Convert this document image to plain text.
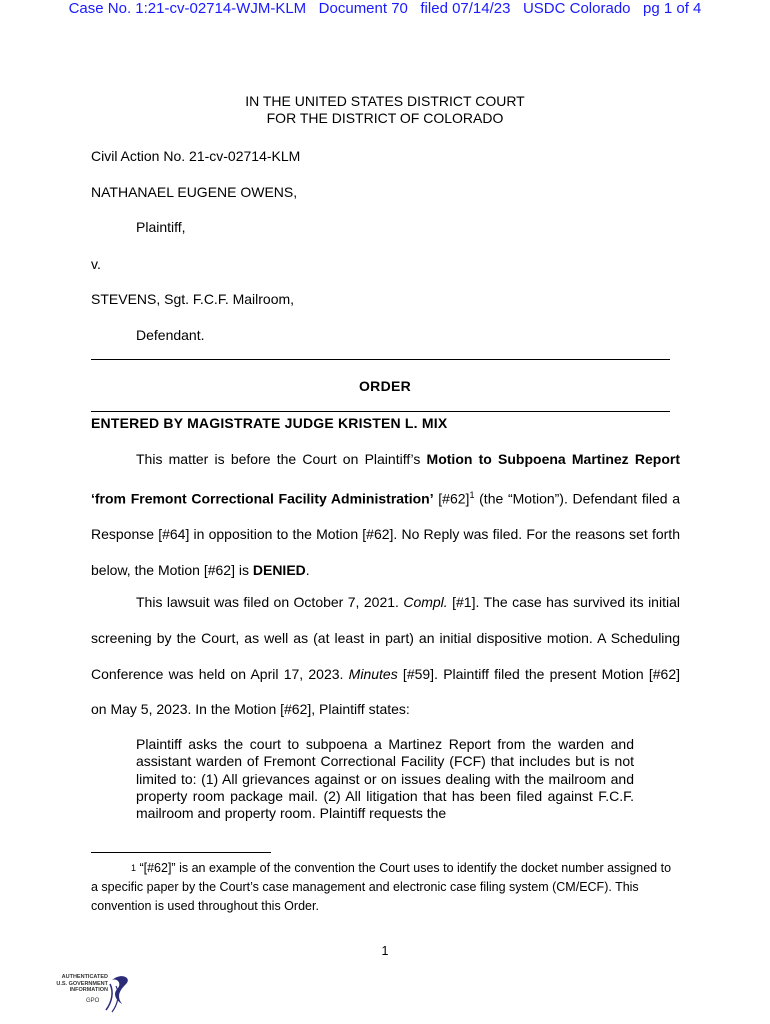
Case No. 1:21-cv-02714-WJM-KLM   Document 70   filed 07/14/23   USDC Colorado   pg 1 of 4
IN THE UNITED STATES DISTRICT COURT
FOR THE DISTRICT OF COLORADO
Civil Action No. 21-cv-02714-KLM
NATHANAEL EUGENE OWENS,
Plaintiff,
v.
STEVENS, Sgt. F.C.F. Mailroom,
Defendant.
ORDER
ENTERED BY MAGISTRATE JUDGE KRISTEN L. MIX
This matter is before the Court on Plaintiff’s Motion to Subpoena Martinez Report ‘from Fremont Correctional Facility Administration’ [#62]$^1$ (the “Motion”). Defendant filed a Response [#64] in opposition to the Motion [#62]. No Reply was filed. For the reasons set forth below, the Motion [#62] is DENIED.
This lawsuit was filed on October 7, 2021. Compl. [#1]. The case has survived its initial screening by the Court, as well as (at least in part) an initial dispositive motion. A Scheduling Conference was held on April 17, 2023. Minutes [#59]. Plaintiff filed the present Motion [#62] on May 5, 2023. In the Motion [#62], Plaintiff states:
Plaintiff asks the court to subpoena a Martinez Report from the warden and assistant warden of Fremont Correctional Facility (FCF) that includes but is not limited to: (1) All grievances against or on issues dealing with the mailroom and property room package mail. (2) All litigation that has been filed against F.C.F. mailroom and property room. Plaintiff requests the
1 “[#62]” is an example of the convention the Court uses to identify the docket number assigned to a specific paper by the Court’s case management and electronic case filing system (CM/ECF). This convention is used throughout this Order.
1
AUTHENTICATED
U.S. GOVERNMENT
INFORMATION
GPO
